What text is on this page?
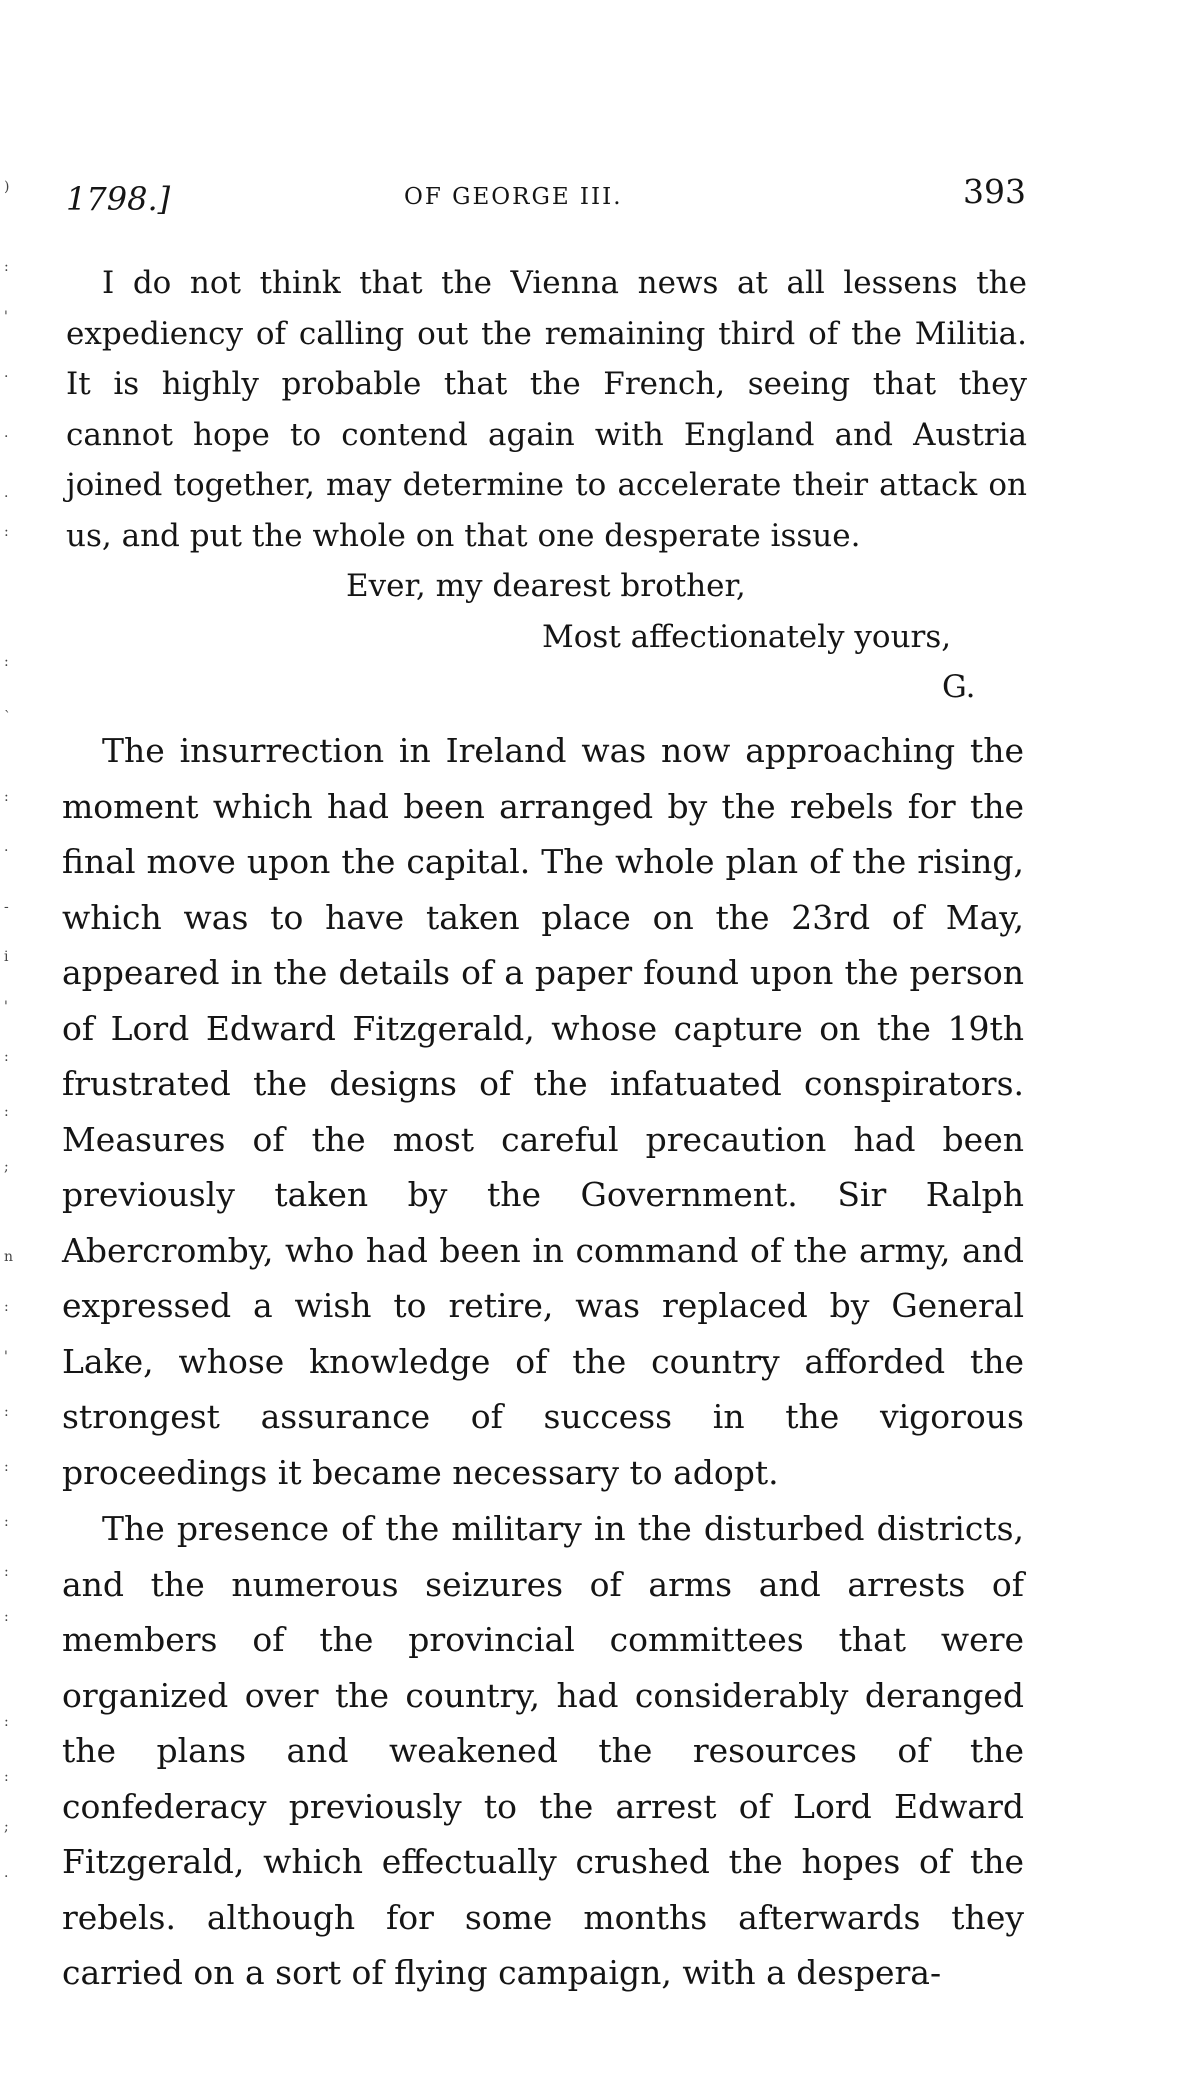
)
:
'
·
·
·
:
:
`
:
.
-
i
'
:
:
;
n
:
'
:
:
:
:
:
:
:
;
·
1798.]	OF GEORGE III.	393

I do not think that the Vienna news at all lessens the expediency of calling out the remaining third of the Militia. It is highly probable that the French, seeing that they cannot hope to contend again with England and Austria joined together, may determine to accelerate their attack on us, and put the whole on that one desperate issue.

Ever, my dearest brother,
Most affectionately yours,
G.

The insurrection in Ireland was now approaching the moment which had been arranged by the rebels for the final move upon the capital. The whole plan of the rising, which was to have taken place on the 23rd of May, appeared in the details of a paper found upon the person of Lord Edward Fitzgerald, whose capture on the 19th frustrated the designs of the infatuated conspirators. Measures of the most careful precaution had been previously taken by the Government. Sir Ralph Abercromby, who had been in command of the army, and expressed a wish to retire, was replaced by General Lake, whose knowledge of the country afforded the strongest assurance of success in the vigorous proceedings it became necessary to adopt.

The presence of the military in the disturbed districts, and the numerous seizures of arms and arrests of members of the provincial committees that were organized over the country, had considerably deranged the plans and weakened the resources of the confederacy previously to the arrest of Lord Edward Fitzgerald, which effectually crushed the hopes of the rebels. although for some months afterwards they carried on a sort of flying campaign, with a despera-
